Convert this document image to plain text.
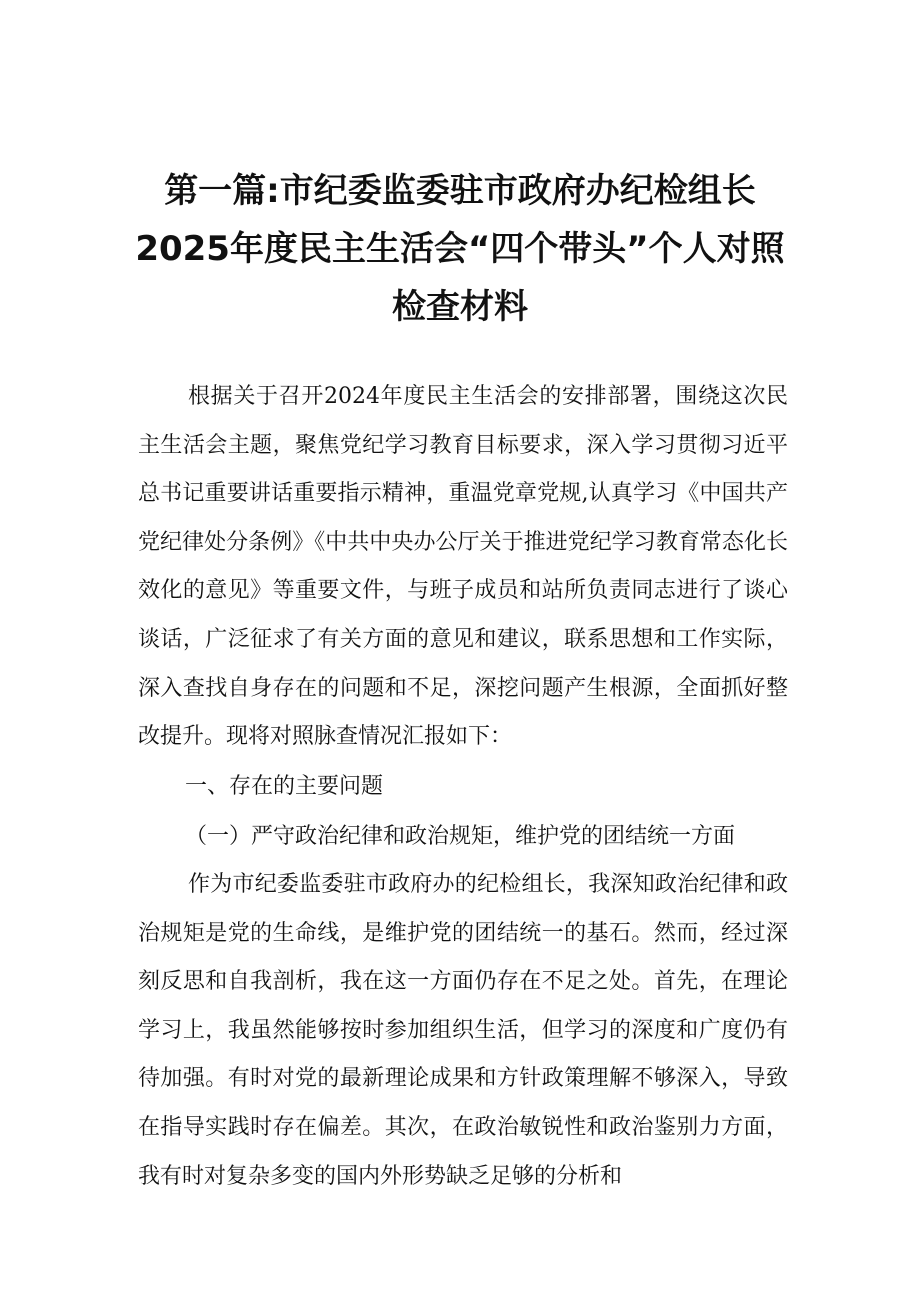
第一篇:市纪委监委驻市政府办纪检组长
2025年度民主生活会“四个带头”个人对照
检查材料
根据关于召开2024年度民主生活会的安排部署，围绕这次民主生活会主题，聚焦党纪学习教育目标要求，深入学习贯彻习近平总书记重要讲话重要指示精神，重温党章党规,认真学习《中国共产党纪律处分条例》《中共中央办公厅关于推进党纪学习教育常态化长效化的意见》等重要文件，与班子成员和站所负责同志进行了谈心谈话，广泛征求了有关方面的意见和建议，联系思想和工作实际，深入查找自身存在的问题和不足，深挖问题产生根源，全面抓好整改提升。现将对照脉查情况汇报如下：
一、存在的主要问题
（一）严守政治纪律和政治规矩，维护党的团结统一方面
作为市纪委监委驻市政府办的纪检组长，我深知政治纪律和政治规矩是党的生命线，是维护党的团结统一的基石。然而，经过深刻反思和自我剖析，我在这一方面仍存在不足之处。首先，在理论学习上，我虽然能够按时参加组织生活，但学习的深度和广度仍有待加强。有时对党的最新理论成果和方针政策理解不够深入，导致在指导实践时存在偏差。其次，在政治敏锐性和政治鉴别力方面，我有时对复杂多变的国内外形势缺乏足够的分析和
